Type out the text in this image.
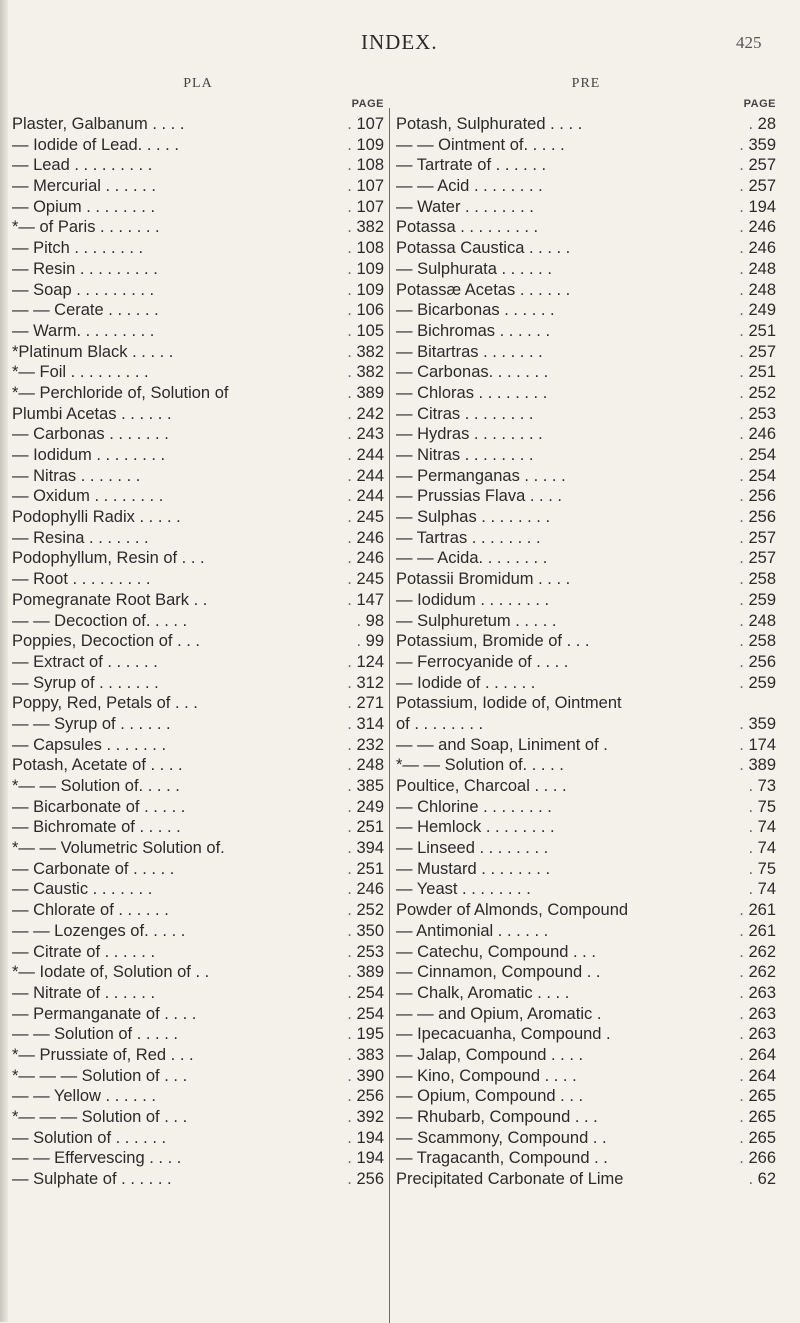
INDEX.	425
PLA
PAGE
Plaster, Galbanum . . . .	. 107
— Iodide of Lead. . . . .	. 109
— Lead . . . . . . . . .	. 108
— Mercurial . . . . . .	. 107
— Opium . . . . . . . .	. 107
*— of Paris . . . . . . .	. 382
— Pitch . . . . . . . .	. 108
— Resin . . . . . . . . .	. 109
— Soap . . . . . . . . .	. 109
— — Cerate . . . . . .	. 106
— Warm. . . . . . . . .	. 105
*Platinum Black . . . . .	. 382
*— Foil . . . . . . . . .	. 382
*— Perchloride of, Solution of	. 389
Plumbi Acetas . . . . . .	. 242
— Carbonas . . . . . . .	. 243
— Iodidum . . . . . . . .	. 244
— Nitras . . . . . . .	. 244
— Oxidum . . . . . . . .	. 244
Podophylli Radix . . . . .	. 245
— Resina . . . . . . .	. 246
Podophyllum, Resin of . . .	. 246
— Root . . . . . . . . .	. 245
Pomegranate Root Bark . .	. 147
— — Decoction of. . . . .	. 98
Poppies, Decoction of . . .	. 99
— Extract of . . . . . .	. 124
— Syrup of . . . . . . .	. 312
Poppy, Red, Petals of . . .	. 271
— — Syrup of . . . . . .	. 314
— Capsules . . . . . . .	. 232
Potash, Acetate of . . . .	. 248
*— — Solution of. . . . .	. 385
— Bicarbonate of . . . . .	. 249
— Bichromate of . . . . .	. 251
*— — Volumetric Solution of.	. 394
— Carbonate of . . . . .	. 251
— Caustic . . . . . . .	. 246
— Chlorate of . . . . . .	. 252
— — Lozenges of. . . . .	. 350
— Citrate of . . . . . .	. 253
*— Iodate of, Solution of . .	. 389
— Nitrate of . . . . . .	. 254
— Permanganate of . . . .	. 254
— — Solution of . . . . .	. 195
*— Prussiate of, Red . . .	. 383
*— — — Solution of . . .	. 390
— — Yellow . . . . . .	. 256
*— — — Solution of . . .	. 392
— Solution of . . . . . .	. 194
— — Effervescing . . . .	. 194
— Sulphate of . . . . . .	. 256
PRE
PAGE
Potash, Sulphurated . . . .	. 28
— — Ointment of. . . . .	. 359
— Tartrate of . . . . . .	. 257
— — Acid . . . . . . . .	. 257
— Water . . . . . . . .	. 194
Potassa . . . . . . . . .	. 246
Potassa Caustica . . . . .	. 246
— Sulphurata . . . . . .	. 248
Potassæ Acetas . . . . . .	. 248
— Bicarbonas . . . . . .	. 249
— Bichromas . . . . . .	. 251
— Bitartras . . . . . . .	. 257
— Carbonas. . . . . . .	. 251
— Chloras . . . . . . . .	. 252
— Citras . . . . . . . .	. 253
— Hydras . . . . . . . .	. 246
— Nitras . . . . . . . .	. 254
— Permanganas . . . . .	. 254
— Prussias Flava . . . .	. 256
— Sulphas . . . . . . . .	. 256
— Tartras . . . . . . . .	. 257
— — Acida. . . . . . . .	. 257
Potassii Bromidum . . . .	. 258
— Iodidum . . . . . . . .	. 259
— Sulphuretum . . . . .	. 248
Potassium, Bromide of . . .	. 258
— Ferrocyanide of . . . .	. 256
— Iodide of . . . . . .	. 259
Potassium, Iodide of, Ointment
of . . . . . . . .	. 359
— — and Soap, Liniment of .	. 174
*— — Solution of. . . . .	. 389
Poultice, Charcoal . . . .	. 73
— Chlorine . . . . . . . .	. 75
— Hemlock . . . . . . . .	. 74
— Linseed . . . . . . . .	. 74
— Mustard . . . . . . . .	. 75
— Yeast . . . . . . . .	. 74
Powder of Almonds, Compound	. 261
— Antimonial . . . . . .	. 261
— Catechu, Compound . . .	. 262
— Cinnamon, Compound . .	. 262
— Chalk, Aromatic . . . .	. 263
— — and Opium, Aromatic .	. 263
— Ipecacuanha, Compound .	. 263
— Jalap, Compound . . . .	. 264
— Kino, Compound . . . .	. 264
— Opium, Compound . . .	. 265
— Rhubarb, Compound . . .	. 265
— Scammony, Compound . .	. 265
— Tragacanth, Compound . .	. 266
Precipitated Carbonate of Lime	. 62
